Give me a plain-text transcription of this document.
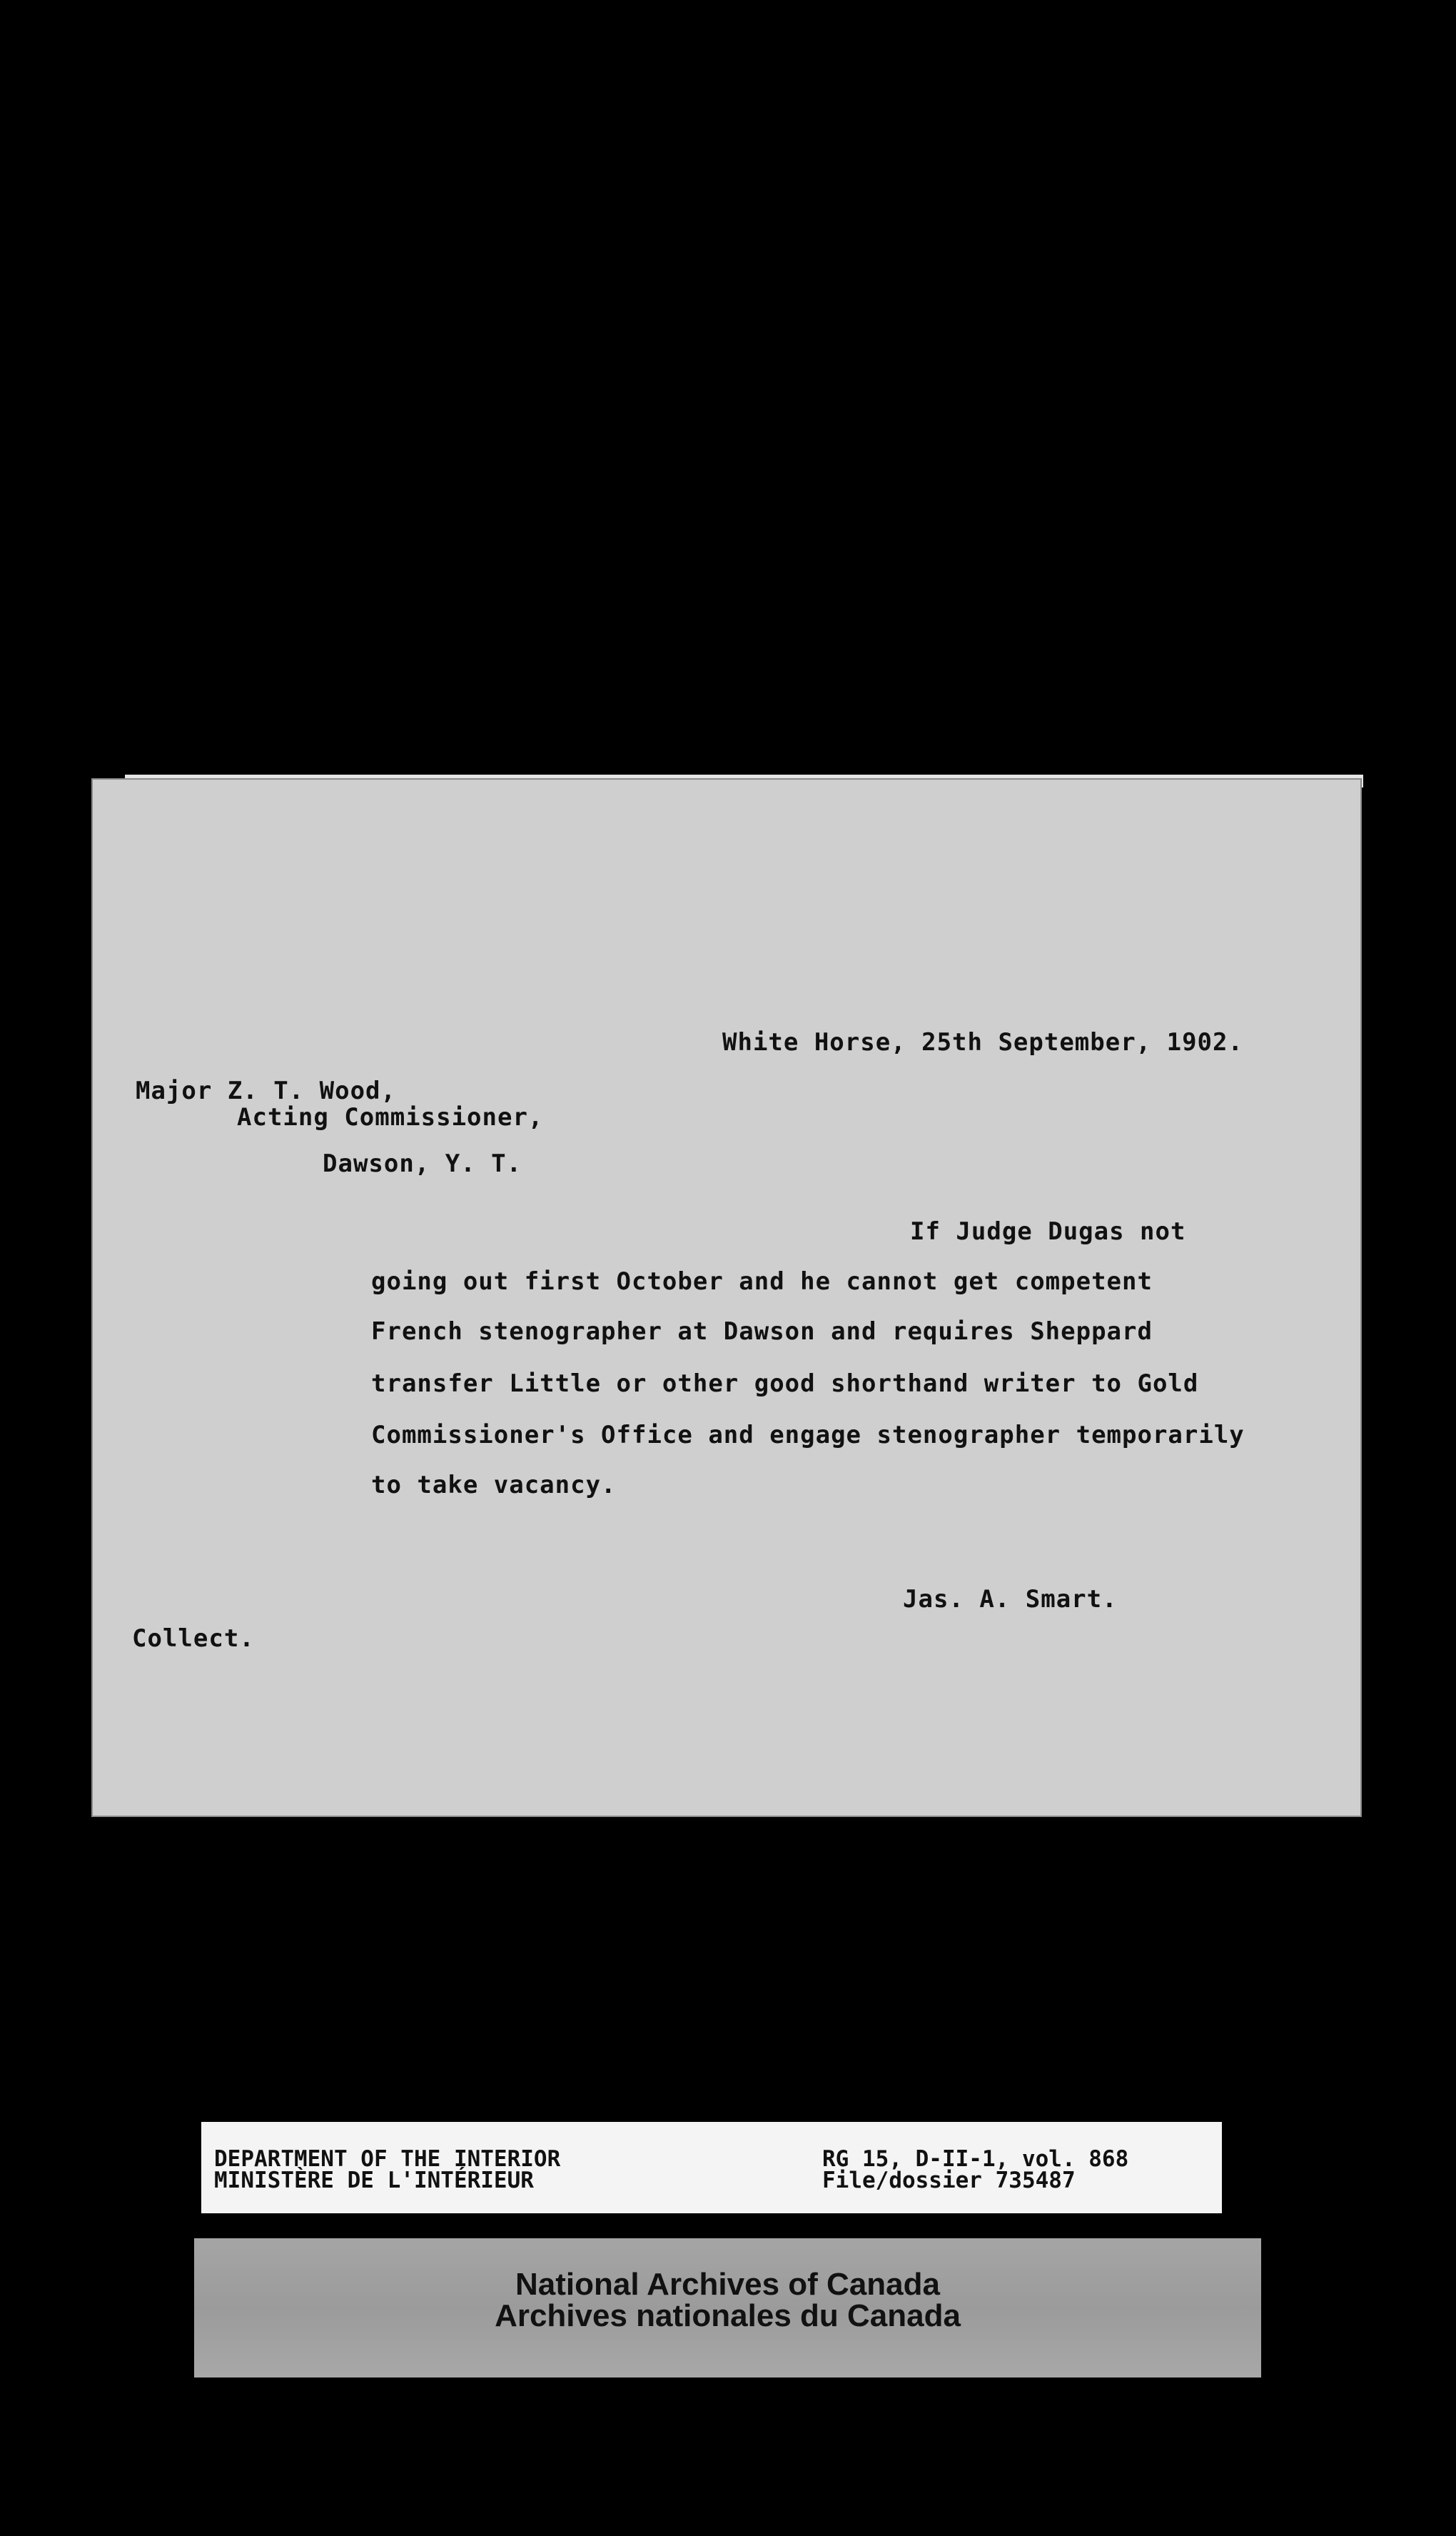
White Horse, 25th September, 1902.
Major Z. T. Wood,
Acting Commissioner,
Dawson, Y. T.
If Judge Dugas not
going out first October and he cannot get competent
French stenographer at Dawson and requires Sheppard
transfer Little or other good shorthand writer to Gold
Commissioner's Office and engage stenographer temporarily
to take vacancy.
Jas. A. Smart.
Collect.
DEPARTMENT OF THE INTERIOR
MINISTÈRE DE L'INTÉRIEUR
RG 15, D-II-1, vol. 868
File/dossier 735487
National Archives of Canada
Archives nationales du Canada
